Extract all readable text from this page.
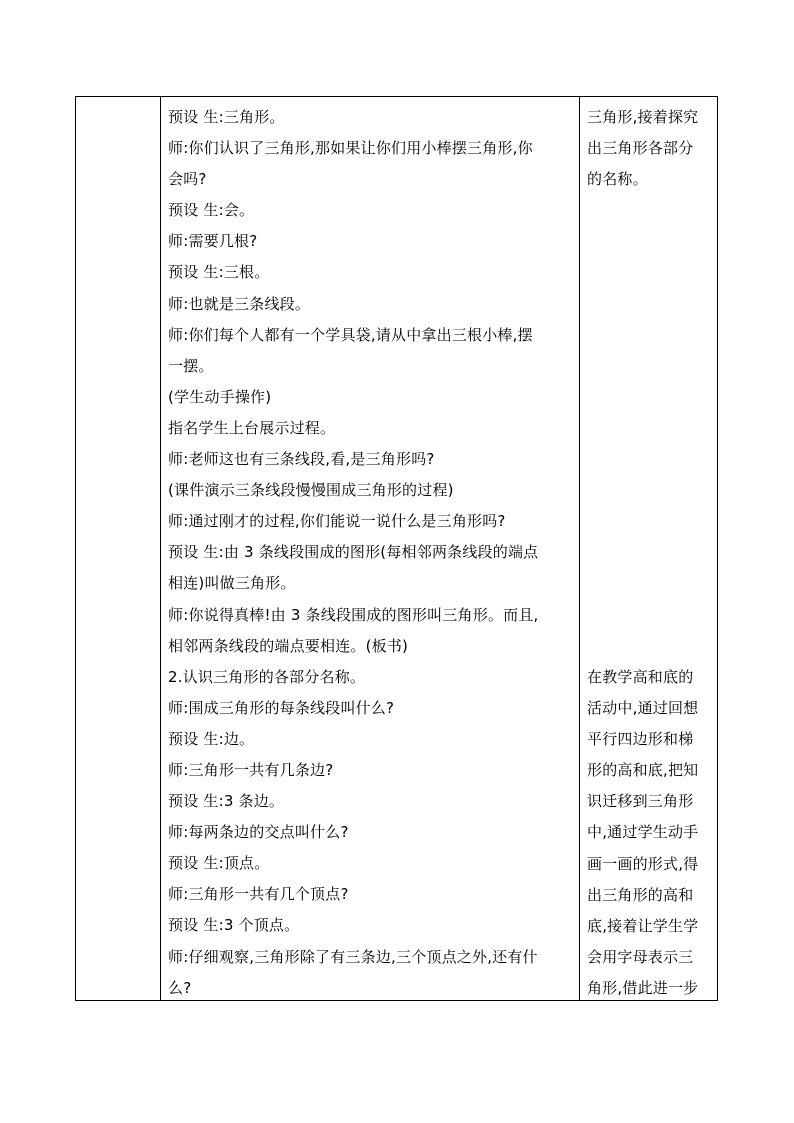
预设 生:三角形。
师:你们认识了三角形,那如果让你们用小棒摆三角形,你
会吗?
预设 生:会。
师:需要几根?
预设 生:三根。
师:也就是三条线段。
师:你们每个人都有一个学具袋,请从中拿出三根小棒,摆
一摆。
(学生动手操作)
指名学生上台展示过程。
师:老师这也有三条线段,看,是三角形吗?
(课件演示三条线段慢慢围成三角形的过程)
师:通过刚才的过程,你们能说一说什么是三角形吗?
预设 生:由 3 条线段围成的图形(每相邻两条线段的端点
相连)叫做三角形。
师:你说得真棒!由 3 条线段围成的图形叫三角形。而且,
相邻两条线段的端点要相连。(板书)
2.认识三角形的各部分名称。
师:围成三角形的每条线段叫什么?
预设 生:边。
师:三角形一共有几条边?
预设 生:3 条边。
师:每两条边的交点叫什么?
预设 生:顶点。
师:三角形一共有几个顶点?
预设 生:3 个顶点。
师:仔细观察,三角形除了有三条边,三个顶点之外,还有什
么?
三角形,接着探究
出三角形各部分
的名称。
在教学高和底的
活动中,通过回想
平行四边形和梯
形的高和底,把知
识迁移到三角形
中,通过学生动手
画一画的形式,得
出三角形的高和
底,接着让学生学
会用字母表示三
角形,借此进一步
